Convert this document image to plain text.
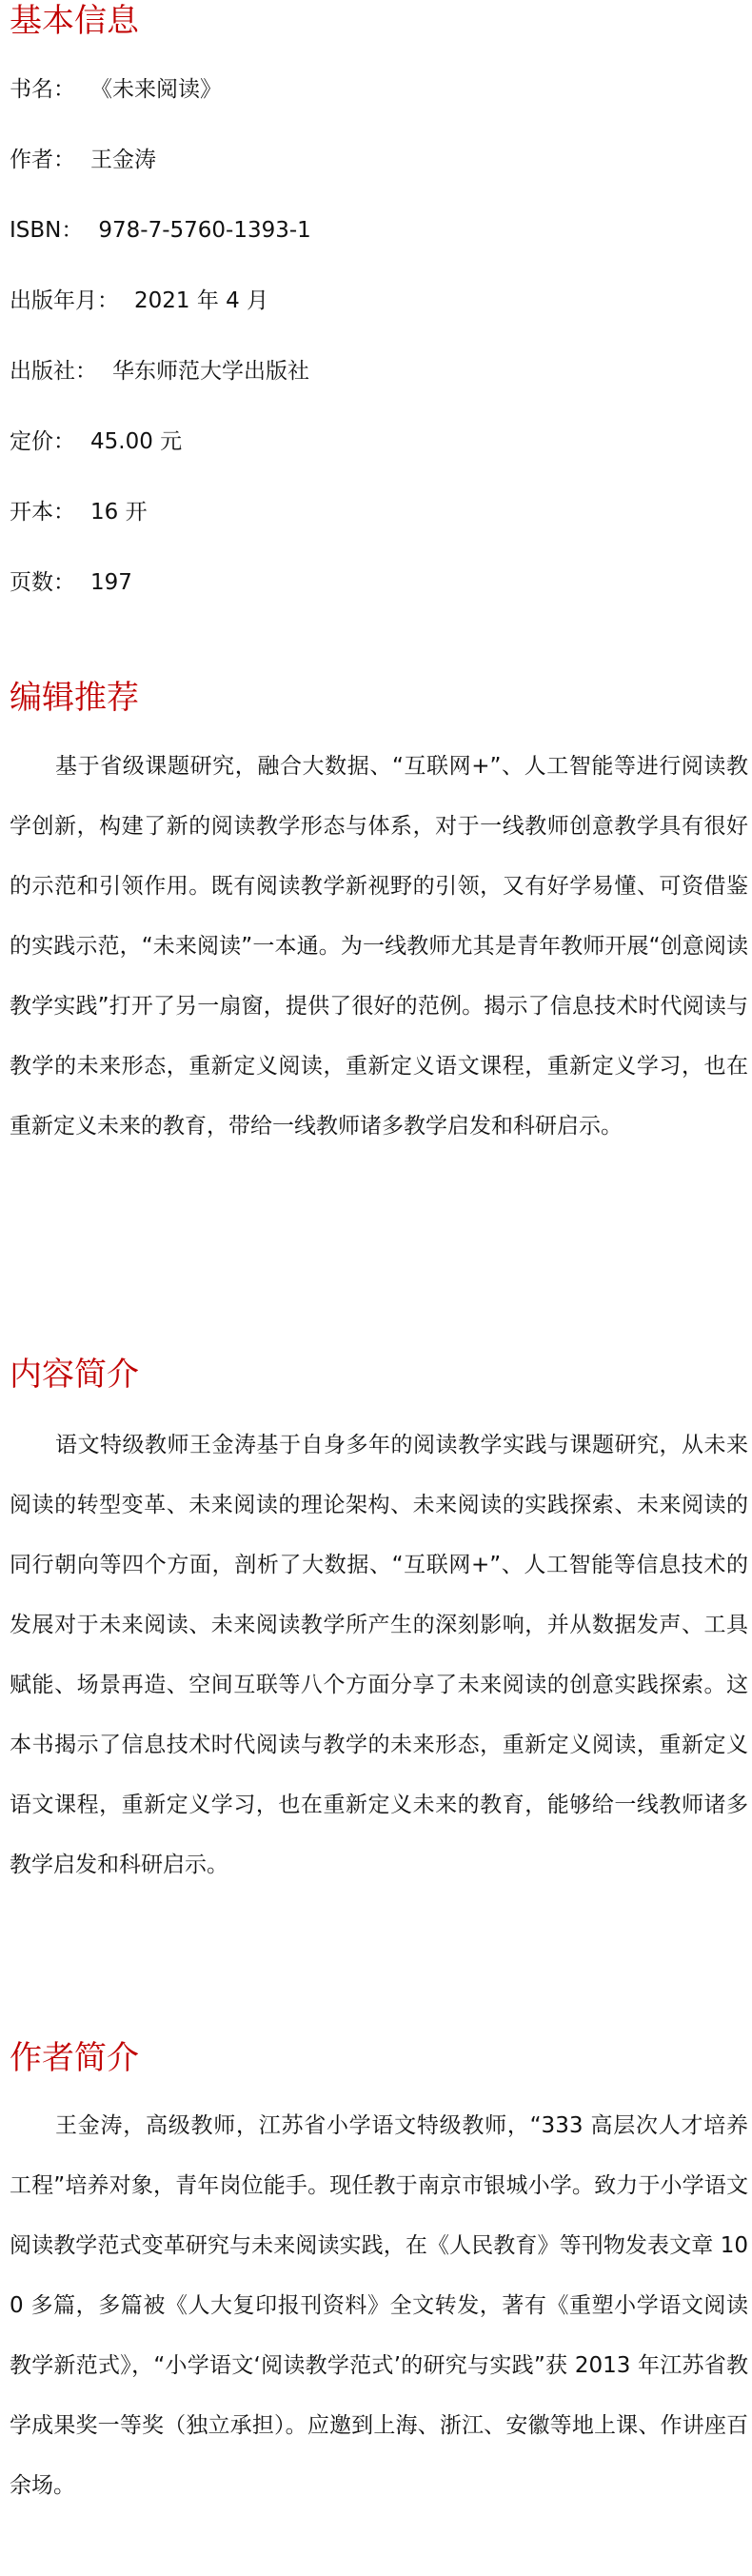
基本信息
书名： 《未来阅读》
作者： 王金涛
ISBN： 978-7-5760-1393-1
出版年月： 2021 年 4 月
出版社： 华东师范大学出版社
定价： 45.00 元
开本： 16 开
页数： 197
编辑推荐

基于省级课题研究，融合大数据、“互联网+”、人工智能等进行阅读教学创新，构建了新的阅读教学形态与体系，对于一线教师创意教学具有很好的示范和引领作用。既有阅读教学新视野的引领，又有好学易懂、可资借鉴的实践示范，“未来阅读”一本通。为一线教师尤其是青年教师开展“创意阅读教学实践”打开了另一扇窗，提供了很好的范例。揭示了信息技术时代阅读与教学的未来形态，重新定义阅读，重新定义语文课程，重新定义学习，也在重新定义未来的教育，带给一线教师诸多教学启发和科研启示。

内容简介

语文特级教师王金涛基于自身多年的阅读教学实践与课题研究，从未来阅读的转型变革、未来阅读的理论架构、未来阅读的实践探索、未来阅读的同行朝向等四个方面，剖析了大数据、“互联网+”、人工智能等信息技术的发展对于未来阅读、未来阅读教学所产生的深刻影响，并从数据发声、工具赋能、场景再造、空间互联等八个方面分享了未来阅读的创意实践探索。这本书揭示了信息技术时代阅读与教学的未来形态，重新定义阅读，重新定义语文课程，重新定义学习，也在重新定义未来的教育，能够给一线教师诸多教学启发和科研启示。

作者简介

王金涛，高级教师，江苏省小学语文特级教师，“333 高层次人才培养工程”培养对象，青年岗位能手。现任教于南京市银城小学。致力于小学语文阅读教学范式变革研究与未来阅读实践，在《人民教育》等刊物发表文章 100 多篇，多篇被《人大复印报刊资料》全文转发，著有《重塑小学语文阅读教学新范式》，“小学语文‘阅读教学范式’的研究与实践”获 2013 年江苏省教学成果奖一等奖（独立承担）。应邀到上海、浙江、安徽等地上课、作讲座百余场。
